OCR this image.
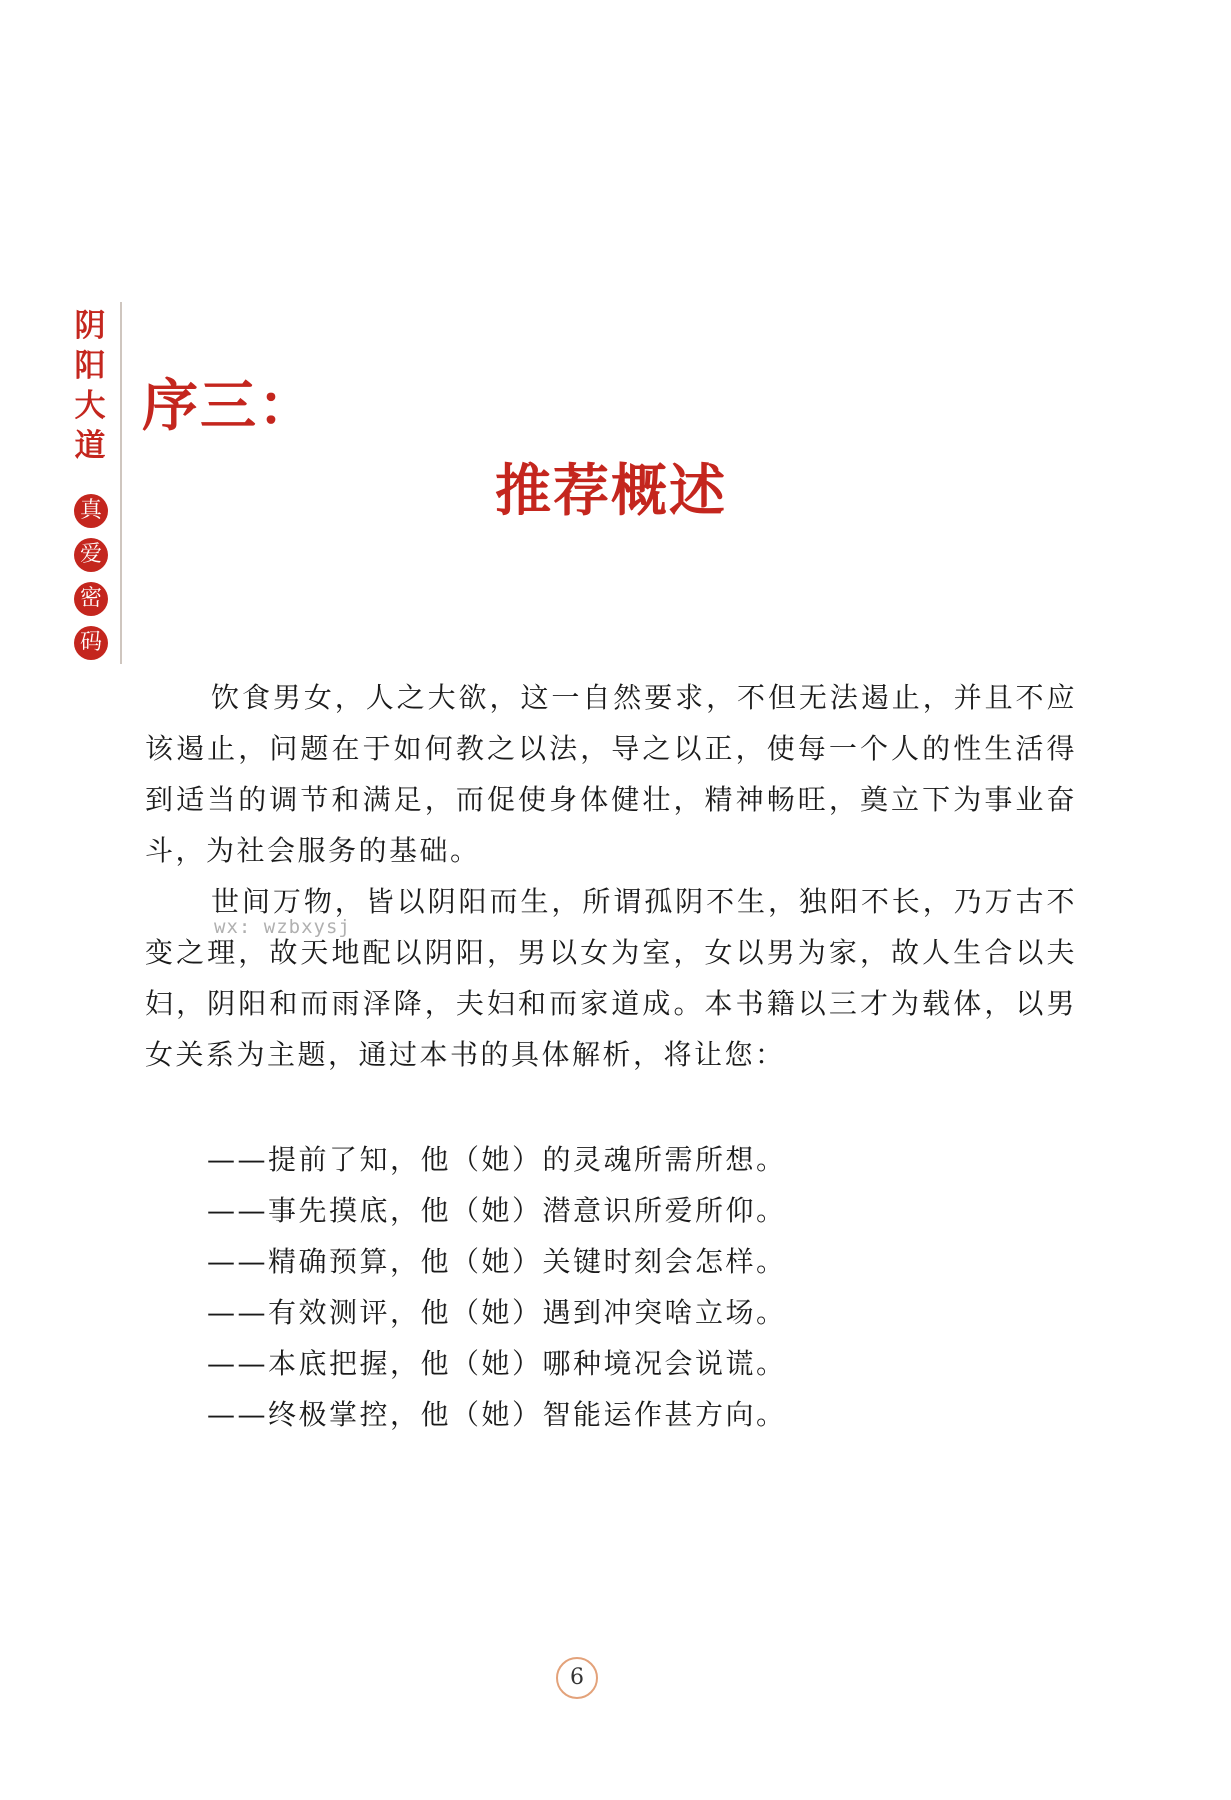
阴
阳
大
道
真
爱
密
码
序三：
推荐概述

饮食男女，人之大欲，这一自然要求，不但无法遏止，并且不应该遏止，问题在于如何教之以法，导之以正，使每一个人的性生活得到适当的调节和满足，而促使身体健壮，精神畅旺，奠立下为事业奋斗，为社会服务的基础。

世间万物，皆以阴阳而生，所谓孤阴不生，独阳不长，乃万古不变之理，故天地配以阴阳，男以女为室，女以男为家，故人生合以夫妇，阴阳和而雨泽降，夫妇和而家道成。本书籍以三才为载体，以男女关系为主题，通过本书的具体解析，将让您：

wx: wzbxysj
——提前了知，他（她）的灵魂所需所想。
——事先摸底，他（她）潜意识所爱所仰。
——精确预算，他（她）关键时刻会怎样。
——有效测评，他（她）遇到冲突啥立场。
——本底把握，他（她）哪种境况会说谎。
——终极掌控，他（她）智能运作甚方向。
6
